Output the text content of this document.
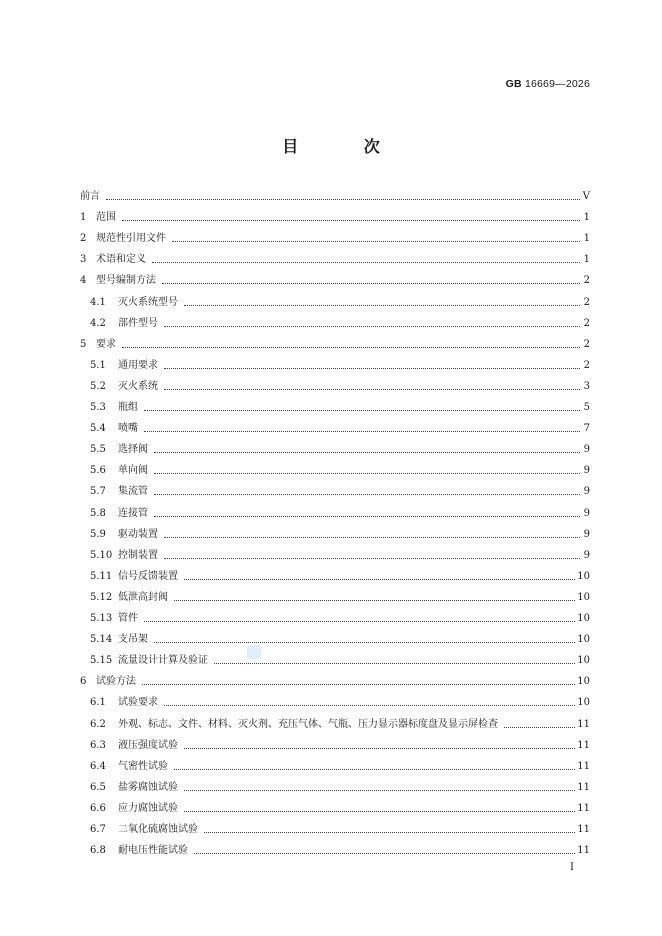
GB 16669—2026
目 次
前言	V
1 范围	1
2 规范性引用文件	1
3 术语和定义	1
4 型号编制方法	2
4.1	灭火系统型号	2
4.2	部件型号	2
5 要求	2
5.1	通用要求	2
5.2	灭火系统	3
5.3	瓶组	5
5.4	喷嘴	7
5.5	选择阀	9
5.6	单向阀	9
5.7	集流管	9
5.8	连接管	9
5.9	驱动装置	9
5.10 控制装置	9
5.11 信号反馈装置	10
5.12 低泄高封阀	10
5.13 管件	10
5.14 支吊架	10
5.15 流量设计计算及验证	10
6 试验方法	10
6.1	试验要求	10
6.2	外观、标志、文件、材料、灭火剂、充压气体、气瓶、压力显示器标度盘及显示屏检查	11
6.3	液压强度试验	11
6.4	气密性试验	11
6.5	盐雾腐蚀试验	11
6.6	应力腐蚀试验	11
6.7	二氧化硫腐蚀试验	11
6.8	耐电压性能试验	11
I
